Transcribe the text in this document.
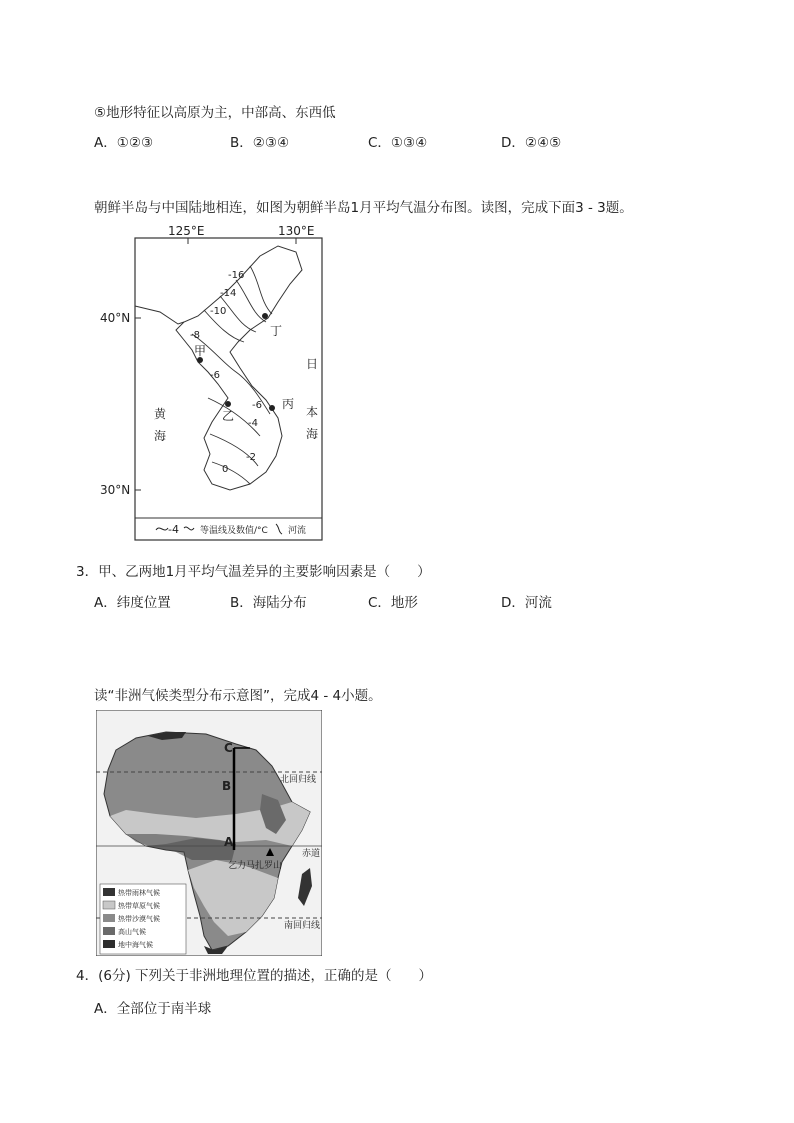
⑤地形特征以高原为主，中部高、东西低
A．①②③	B．②③④	C．①③④	D．②④⑤
朝鲜半岛与中国陆地相连，如图为朝鲜半岛1月平均气温分布图。读图，完成下面3 - 3题。
125°E	130°E
40°N
30°N
-16
-14
-10
-8
-6
-6
-4
-2
0
丁
甲
乙
丙
日
本
海
黄
海
-4 等温线及数值/°C 河流
3．甲、乙两地1月平均气温差异的主要影响因素是（　　）
A．纬度位置	B．海陆分布	C．地形	D．河流
读“非洲气候类型分布示意图”，完成4 - 4小题。
北回归线
赤道
南回归线
C
B
A
乞力马扎罗山
热带雨林气候
热带草原气候
热带沙漠气候
高山气候
地中海气候
4．(6分) 下列关于非洲地理位置的描述，正确的是（　　）
A．全部位于南半球
